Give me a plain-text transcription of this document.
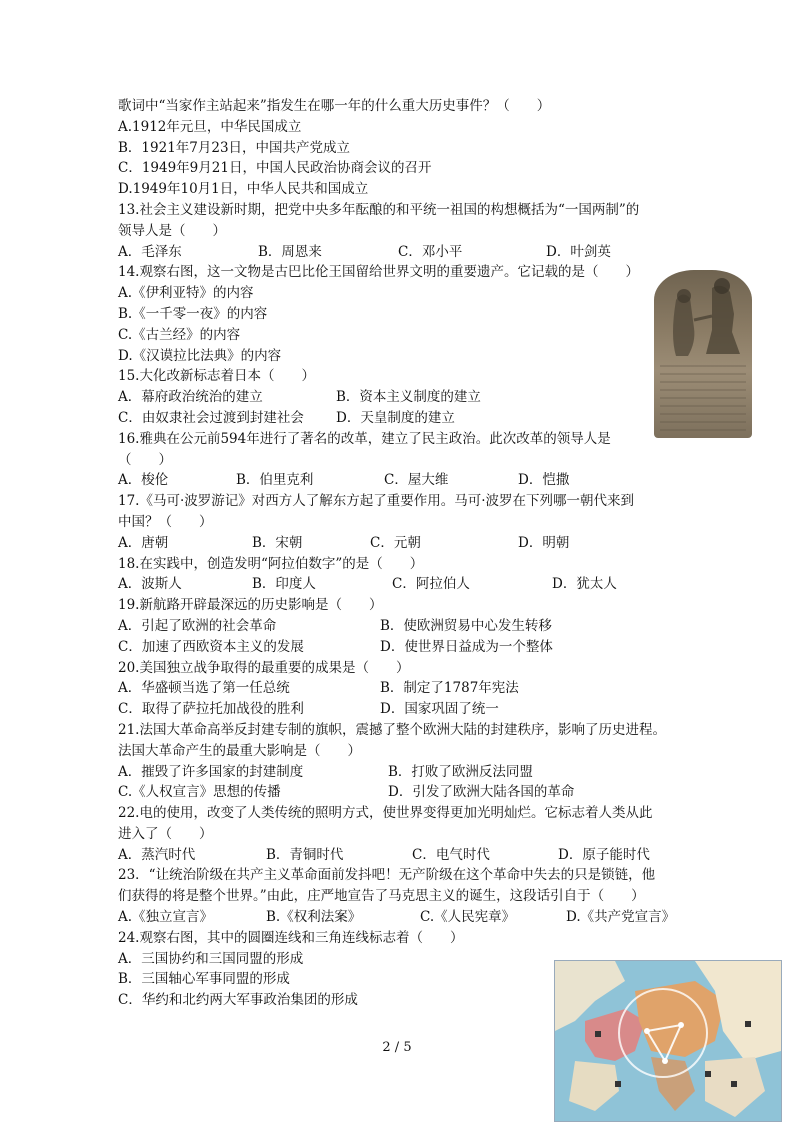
歌词中“当家作主站起来”指发生在哪一年的什么重大历史事件？（　　）
A.1912年元旦，中华民国成立
B．1921年7月23日，中国共产党成立
C．1949年9月21日，中国人民政治协商会议的召开
D.1949年10月1日，中华人民共和国成立
13.社会主义建设新时期，把党中央多年酝酿的和平统一祖国的构想概括为“一国两制”的
领导人是（　　）
A．毛泽东	B．周恩来	C．邓小平	D．叶剑英
14.观察右图，这一文物是古巴比伦王国留给世界文明的重要遗产。它记载的是（　　）
A.《伊利亚特》的内容
B.《一千零一夜》的内容
C.《古兰经》的内容
D.《汉谟拉比法典》的内容
15.大化改新标志着日本（　　）
A．幕府政治统治的建立	B．资本主义制度的建立
C．由奴隶社会过渡到封建社会	D．天皇制度的建立
16.雅典在公元前594年进行了著名的改革，建立了民主政治。此次改革的领导人是
（　　）
A．梭伦	B．伯里克利	C．屋大维	D．恺撒
17.《马可·波罗游记》对西方人了解东方起了重要作用。马可·波罗在下列哪一朝代来到
中国？（　　）
A．唐朝	B．宋朝	C．元朝	D．明朝
18.在实践中，创造发明“阿拉伯数字”的是（　　）
A．波斯人	B．印度人	C．阿拉伯人	D．犹太人
19.新航路开辟最深远的历史影响是（　　）
A．引起了欧洲的社会革命	B．使欧洲贸易中心发生转移
C．加速了西欧资本主义的发展	D．使世界日益成为一个整体
20.美国独立战争取得的最重要的成果是（　　）
A．华盛顿当选了第一任总统	B．制定了1787年宪法
C．取得了萨拉托加战役的胜利	D．国家巩固了统一
21.法国大革命高举反封建专制的旗帜，震撼了整个欧洲大陆的封建秩序，影响了历史进程。
法国大革命产生的最重大影响是（　　）
A．摧毁了许多国家的封建制度	B．打败了欧洲反法同盟
C.《人权宣言》思想的传播	D．引发了欧洲大陆各国的革命
22.电的使用，改变了人类传统的照明方式，使世界变得更加光明灿烂。它标志着人类从此
进入了（　　）
A．蒸汽时代	B．青铜时代	C．电气时代	D．原子能时代
23．“让统治阶级在共产主义革命面前发抖吧！无产阶级在这个革命中失去的只是锁链，他
们获得的将是整个世界。”由此，庄严地宣告了马克思主义的诞生，这段话引自于（　　）
A.《独立宣言》	B.《权利法案》	C.《人民宪章》	D.《共产党宣言》
24.观察右图，其中的圆圈连线和三角连线标志着（　　）
A．三国协约和三国同盟的形成
B．三国轴心军事同盟的形成
C．华约和北约两大军事政治集团的形成
2 / 5
